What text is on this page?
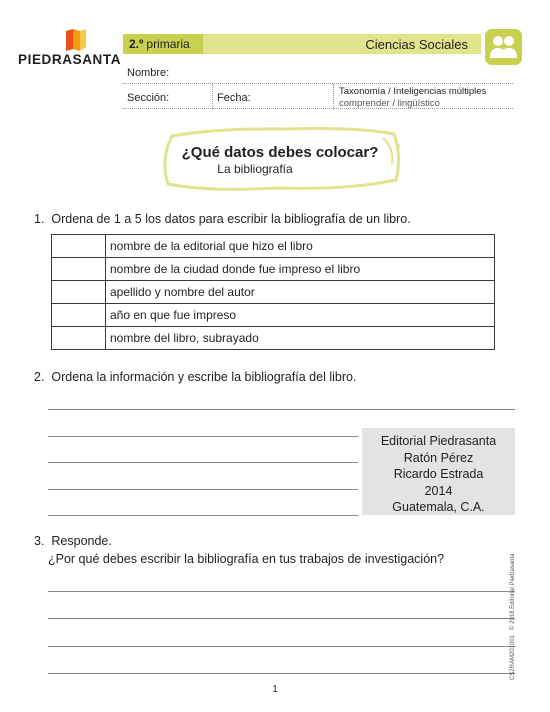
PIEDRASANTA
2.º primaria	Ciencias Sociales
Nombre:
Sección:	Fecha:
Taxonomía / Inteligencias múltiples
comprender / lingüístico
¿Qué datos debes colocar?
La bibliografía
1. Ordena de 1 a 5 los datos para escribir la bibliografía de un libro.
	nombre de la editorial que hizo el libro
	nombre de la ciudad donde fue impreso el libro
	apellido y nombre del autor
	año en que fue impreso
	nombre del libro, subrayado
2. Ordena la información y escribe la bibliografía del libro.
Editorial Piedrasanta
Ratón Pérez
Ricardo Estrada
2014
Guatemala, C.A.
3. Responde.
¿Por qué debes escribir la bibliografía en tus trabajos de investigación?
CS2RAM201001   © 2018 Editorial Piedrasanta
1
